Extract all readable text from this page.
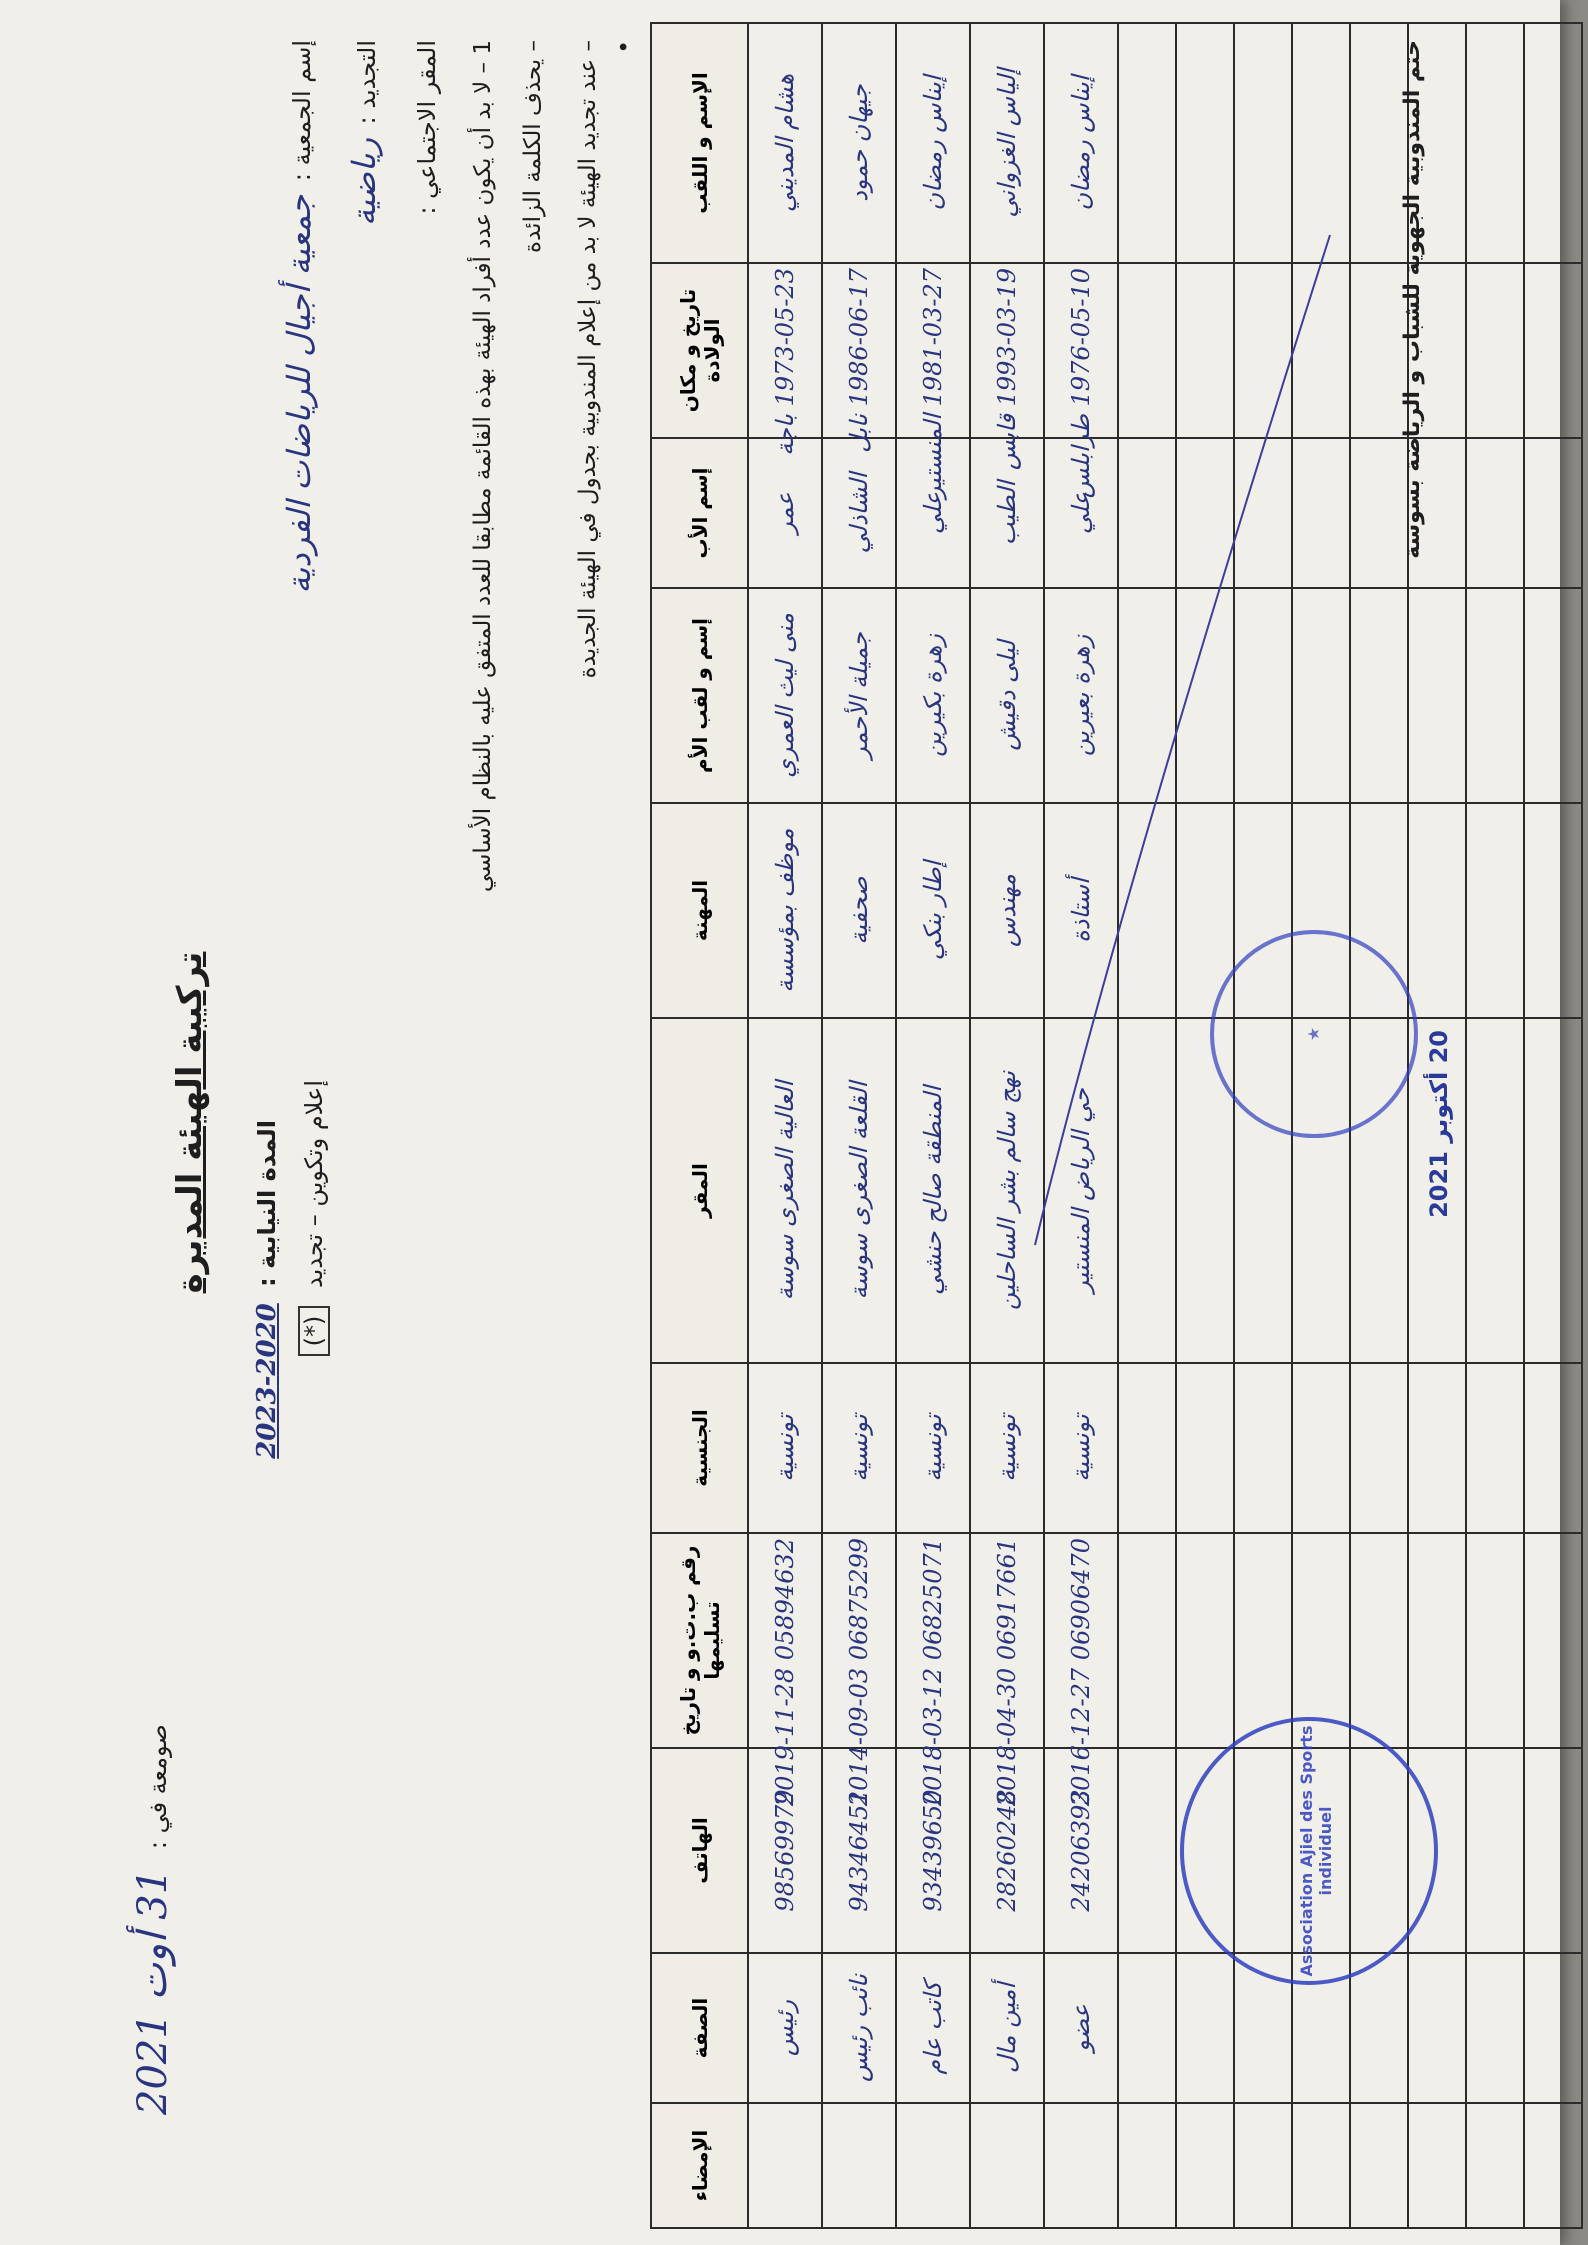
صومعة في : 31 أوت 2021
تركيبة الهيئة المديرة المدة النيابية : 2020-2023
إعلام وتكوين – تجديد (*)
إسم الجمعية : جمعية أجيال للرياضات الفردية
التجديد : رياضية	المقر الاجتماعي : 1 – لا بد أن يكون عدد أفراد الهيئة بهذه القائمة مطابقا للعدد المتفق عليه بالنظام الأساسي – يحذف الكلمة الزائدة – عند تجديد الهيئة لا بد من إعلام المندوبية بجدول في الهيئة الجديدة •
الإسم و اللقب	تاريخ و مكان الولادة	إسم الأب	إسم و لقب الأم	المهنة	المقر	الجنسية	رقم ب.ت.و و تاريخ تسليمها	الهاتف	الصفة	الإمضاء
هشام المديني	1973-05-23 باجة	عمر	منى ليث العمري	موظف بمؤسسة	العالية الصغرى سوسة	تونسية	05894632 2019-11-28	98569979	رئيس	
جيهان حمود	1986-06-17 نابل	الشاذلي	جميلة الأحمر	صحفية	القلعة الصغرى سوسة	تونسية	06875299 2014-09-03	94346451	نائب رئيس	
إيناس رمضان	1981-03-27 المنستير	علي	زهرة بكيرين	إطار بنكي	المنطقة صالح حنشي	تونسية	06825071 2018-03-12	93439650	كاتب عام	
إلياس الغزواني	1993-03-19 قابس	الطيب	ليلى دقيش	مهندس	نهج سالم بشر الساحلين	تونسية	06917661 2018-04-30	28260248	أمين مال	
إيناس رمضان	1976-05-10 طرابلس	علي	زهرة بعيرين	أستاذة	حي الرياض المنستير	تونسية	06906470 2016-12-27	24206393	عضو	

★
Association Ajiel des Sports individuel
ختم المندوبية الجهوية للشباب و الرياضة بسوسة
20 أكتوبر 2021
